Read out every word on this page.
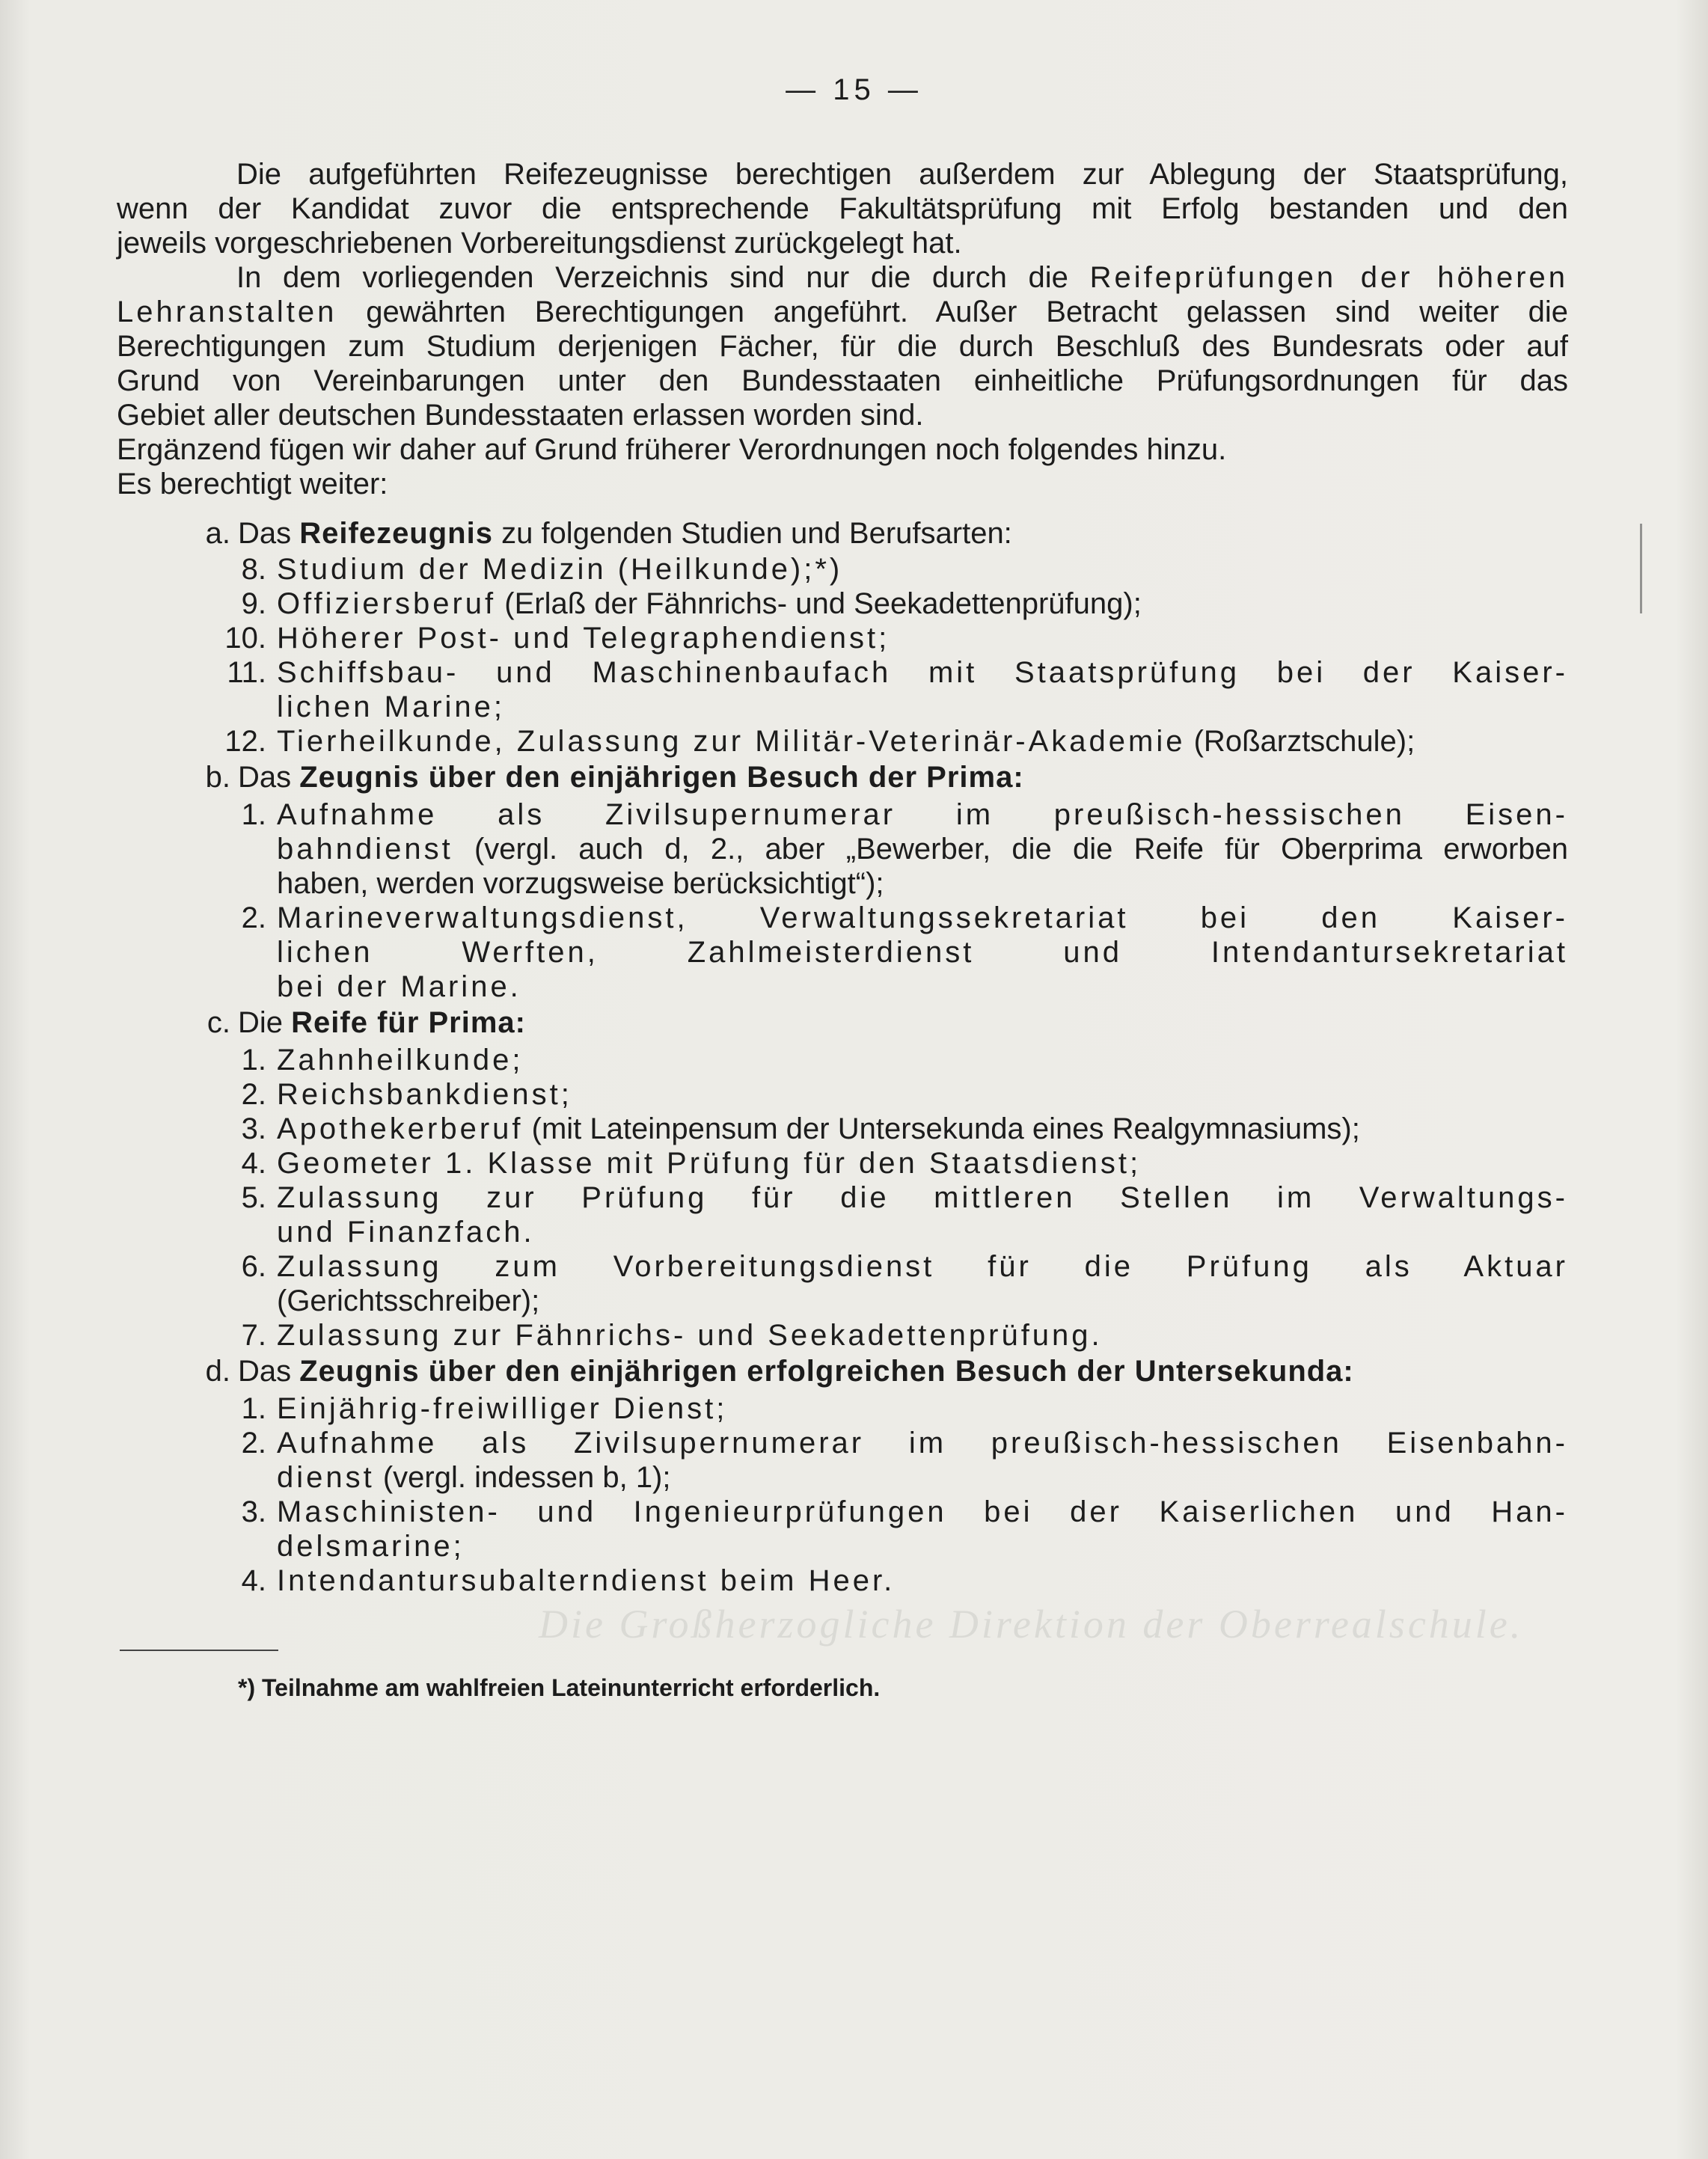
Die Großherzogliche Direktion der Oberrealschule.
— 15 —
Die aufgeführten Reifezeugnisse berechtigen außerdem zur Ablegung der Staatsprüfung,
wenn der Kandidat zuvor die entsprechende Fakultätsprüfung mit Erfolg bestanden und den
jeweils vorgeschriebenen Vorbereitungsdienst zurückgelegt hat.
In dem vorliegenden Verzeichnis sind nur die durch die Reifeprüfungen der höheren
Lehranstalten gewährten Berechtigungen angeführt. Außer Betracht gelassen sind weiter die
Berechtigungen zum Studium derjenigen Fächer, für die durch Beschluß des Bundesrats oder auf
Grund von Vereinbarungen unter den Bundesstaaten einheitliche Prüfungsordnungen für das
Gebiet aller deutschen Bundesstaaten erlassen worden sind.
Ergänzend fügen wir daher auf Grund früherer Verordnungen noch folgendes hinzu.
Es berechtigt weiter:
a. Das Reifezeugnis zu folgenden Studien und Berufsarten:
8. Studium der Medizin (Heilkunde);*)
9. Offiziersberuf (Erlaß der Fähnrichs- und Seekadettenprüfung);
10. Höherer Post- und Telegraphendienst;
11. Schiffsbau- und Maschinenbaufach mit Staatsprüfung bei der Kaiser-
lichen Marine;
12. Tierheilkunde, Zulassung zur Militär-Veterinär-Akademie (Roßarztschule);
b. Das Zeugnis über den einjährigen Besuch der Prima:
1. Aufnahme als Zivilsupernumerar im preußisch-hessischen Eisen-
bahndienst (vergl. auch d, 2., aber „Bewerber, die die Reife für Oberprima erworben
haben, werden vorzugsweise berücksichtigt“);
2. Marineverwaltungsdienst, Verwaltungssekretariat bei den Kaiser-
lichen Werften, Zahlmeisterdienst und Intendantursekretariat
bei der Marine.
c. Die Reife für Prima:
1. Zahnheilkunde;
2. Reichsbankdienst;
3. Apothekerberuf (mit Lateinpensum der Untersekunda eines Realgymnasiums);
4. Geometer 1. Klasse mit Prüfung für den Staatsdienst;
5. Zulassung zur Prüfung für die mittleren Stellen im Verwaltungs-
und Finanzfach.
6. Zulassung zum Vorbereitungsdienst für die Prüfung als Aktuar
(Gerichtsschreiber);
7. Zulassung zur Fähnrichs- und Seekadettenprüfung.
d. Das Zeugnis über den einjährigen erfolgreichen Besuch der Untersekunda:
1. Einjährig-freiwilliger Dienst;
2. Aufnahme als Zivilsupernumerar im preußisch-hessischen Eisenbahn-
dienst (vergl. indessen b, 1);
3. Maschinisten- und Ingenieurprüfungen bei der Kaiserlichen und Han-
delsmarine;
4. Intendantursubalterndienst beim Heer.
*) Teilnahme am wahlfreien Lateinunterricht erforderlich.
